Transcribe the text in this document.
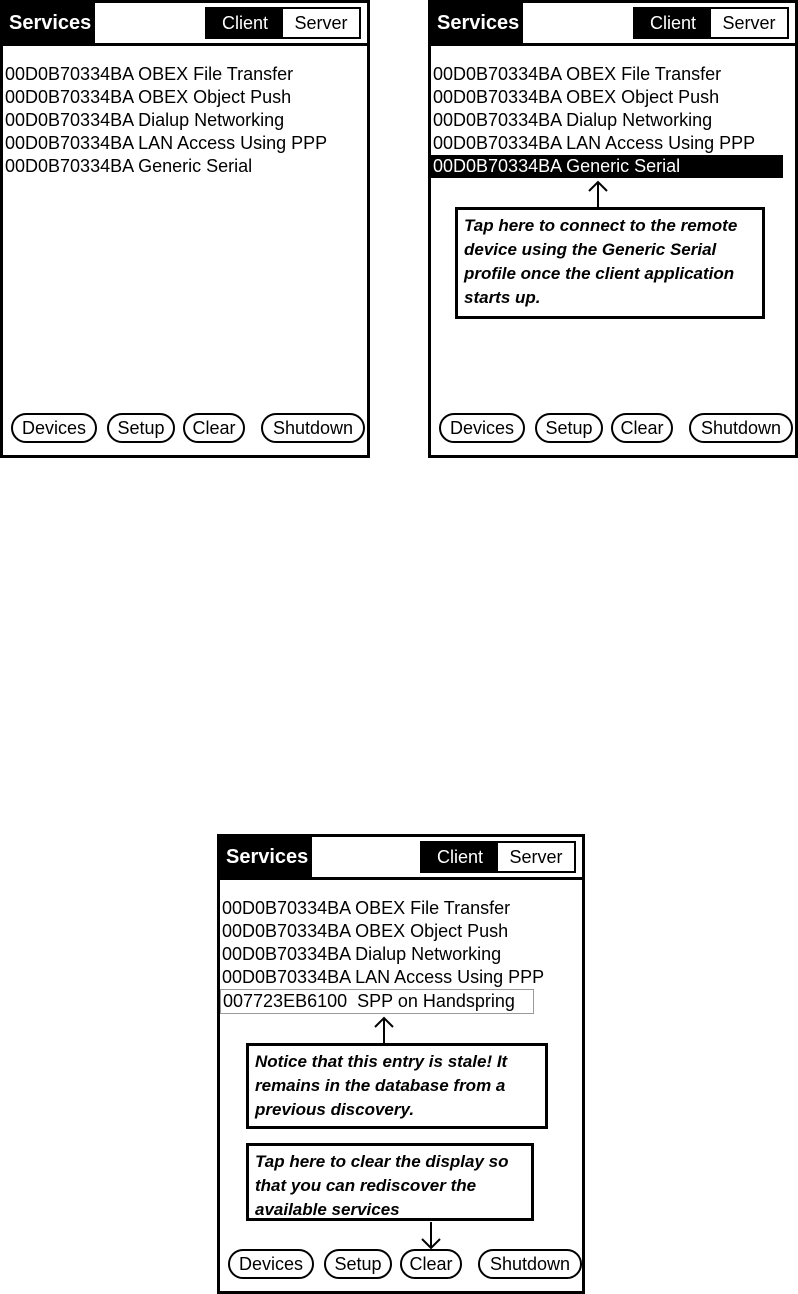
Services	Client	Server
00D0B70334BA OBEX File Transfer
00D0B70334BA OBEX Object Push
00D0B70334BA Dialup Networking
00D0B70334BA LAN Access Using PPP
00D0B70334BA Generic Serial
Devices	Setup	Clear	Shutdown
Services	Client	Server
00D0B70334BA OBEX File Transfer
00D0B70334BA OBEX Object Push
00D0B70334BA Dialup Networking
00D0B70334BA LAN Access Using PPP
00D0B70334BA Generic Serial
Tap here to connect to the remote device using the Generic Serial profile once the client application starts up.
Devices	Setup	Clear	Shutdown
Services	Client	Server
00D0B70334BA OBEX File Transfer
00D0B70334BA OBEX Object Push
00D0B70334BA Dialup Networking
00D0B70334BA LAN Access Using PPP
007723EB6100 SPP on Handspring
Notice that this entry is stale! It remains in the database from a previous discovery.
Tap here to clear the display so that you can rediscover the available services
Devices	Setup	Clear	Shutdown
